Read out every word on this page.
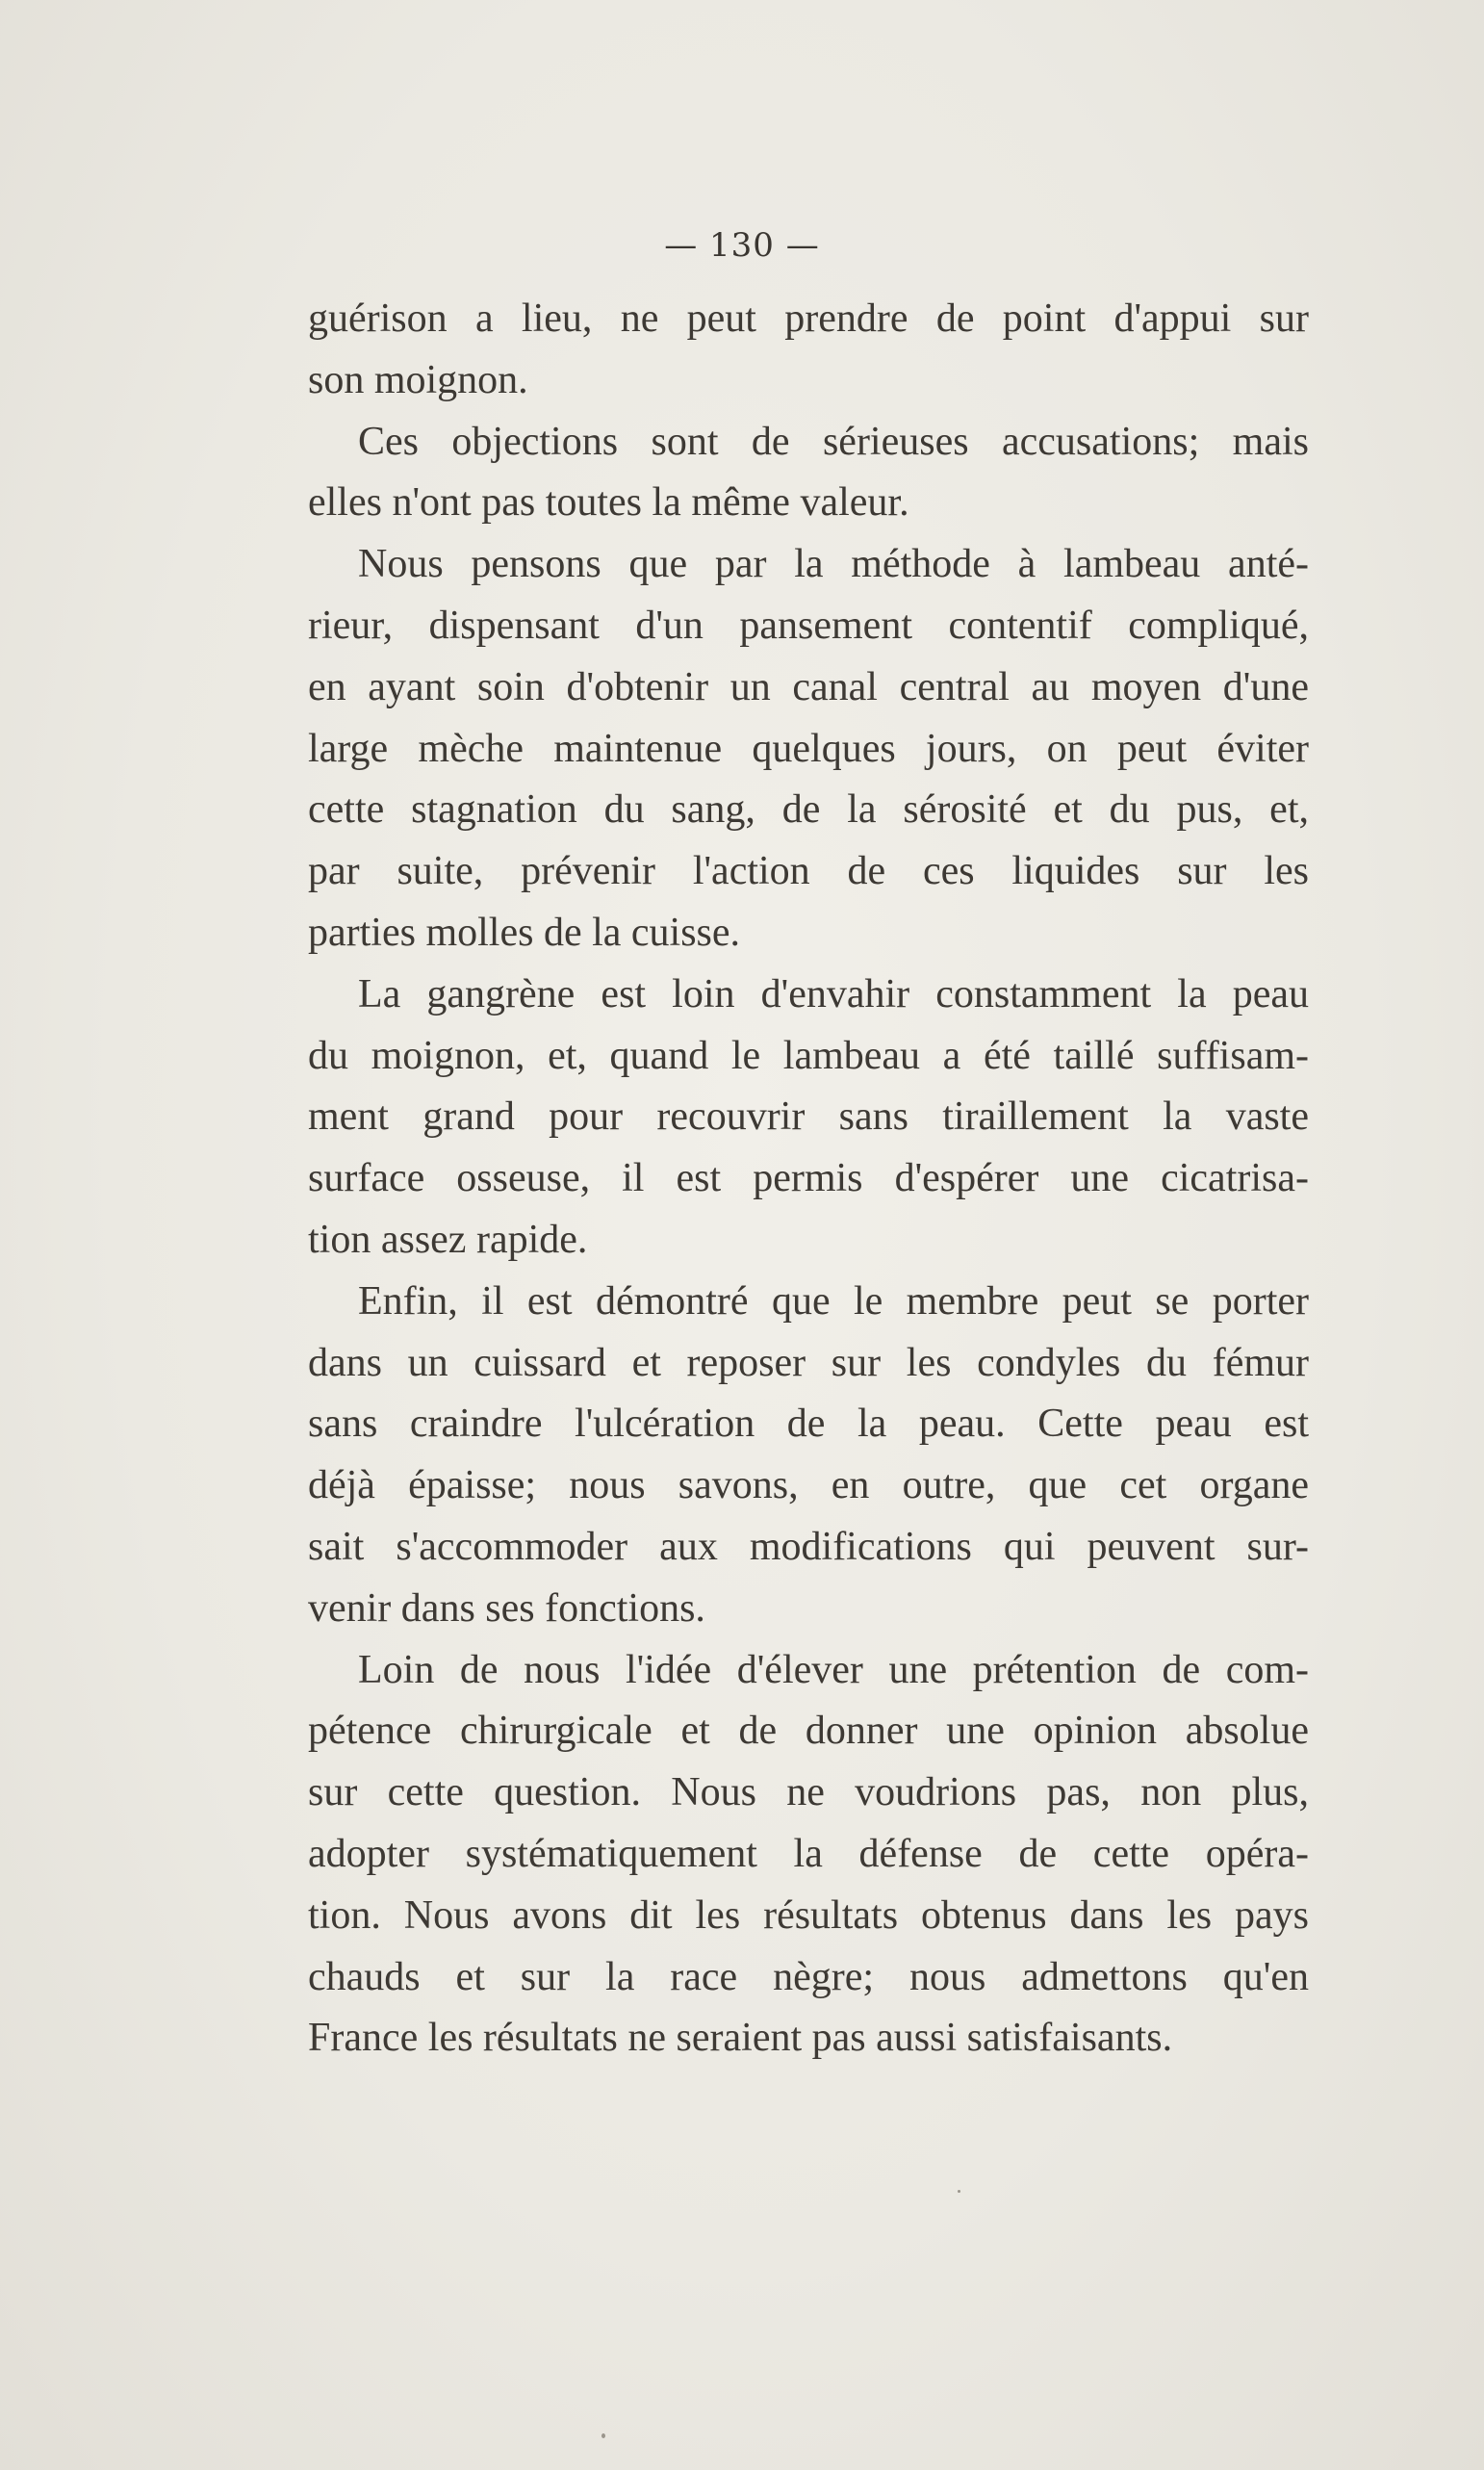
— 130 —
guérison a lieu, ne peut prendre de point d'appui sur
son moignon.
Ces objections sont de sérieuses accusations; mais
elles n'ont pas toutes la même valeur.
Nous pensons que par la méthode à lambeau anté-
rieur, dispensant d'un pansement contentif compliqué,
en ayant soin d'obtenir un canal central au moyen d'une
large mèche maintenue quelques jours, on peut éviter
cette stagnation du sang, de la sérosité et du pus, et,
par suite, prévenir l'action de ces liquides sur les
parties molles de la cuisse.
La gangrène est loin d'envahir constamment la peau
du moignon, et, quand le lambeau a été taillé suffisam-
ment grand pour recouvrir sans tiraillement la vaste
surface osseuse, il est permis d'espérer une cicatrisa-
tion assez rapide.
Enfin, il est démontré que le membre peut se porter
dans un cuissard et reposer sur les condyles du fémur
sans craindre l'ulcération de la peau. Cette peau est
déjà épaisse; nous savons, en outre, que cet organe
sait s'accommoder aux modifications qui peuvent sur-
venir dans ses fonctions.
Loin de nous l'idée d'élever une prétention de com-
pétence chirurgicale et de donner une opinion absolue
sur cette question. Nous ne voudrions pas, non plus,
adopter systématiquement la défense de cette opéra-
tion. Nous avons dit les résultats obtenus dans les pays
chauds et sur la race nègre; nous admettons qu'en
France les résultats ne seraient pas aussi satisfaisants.
